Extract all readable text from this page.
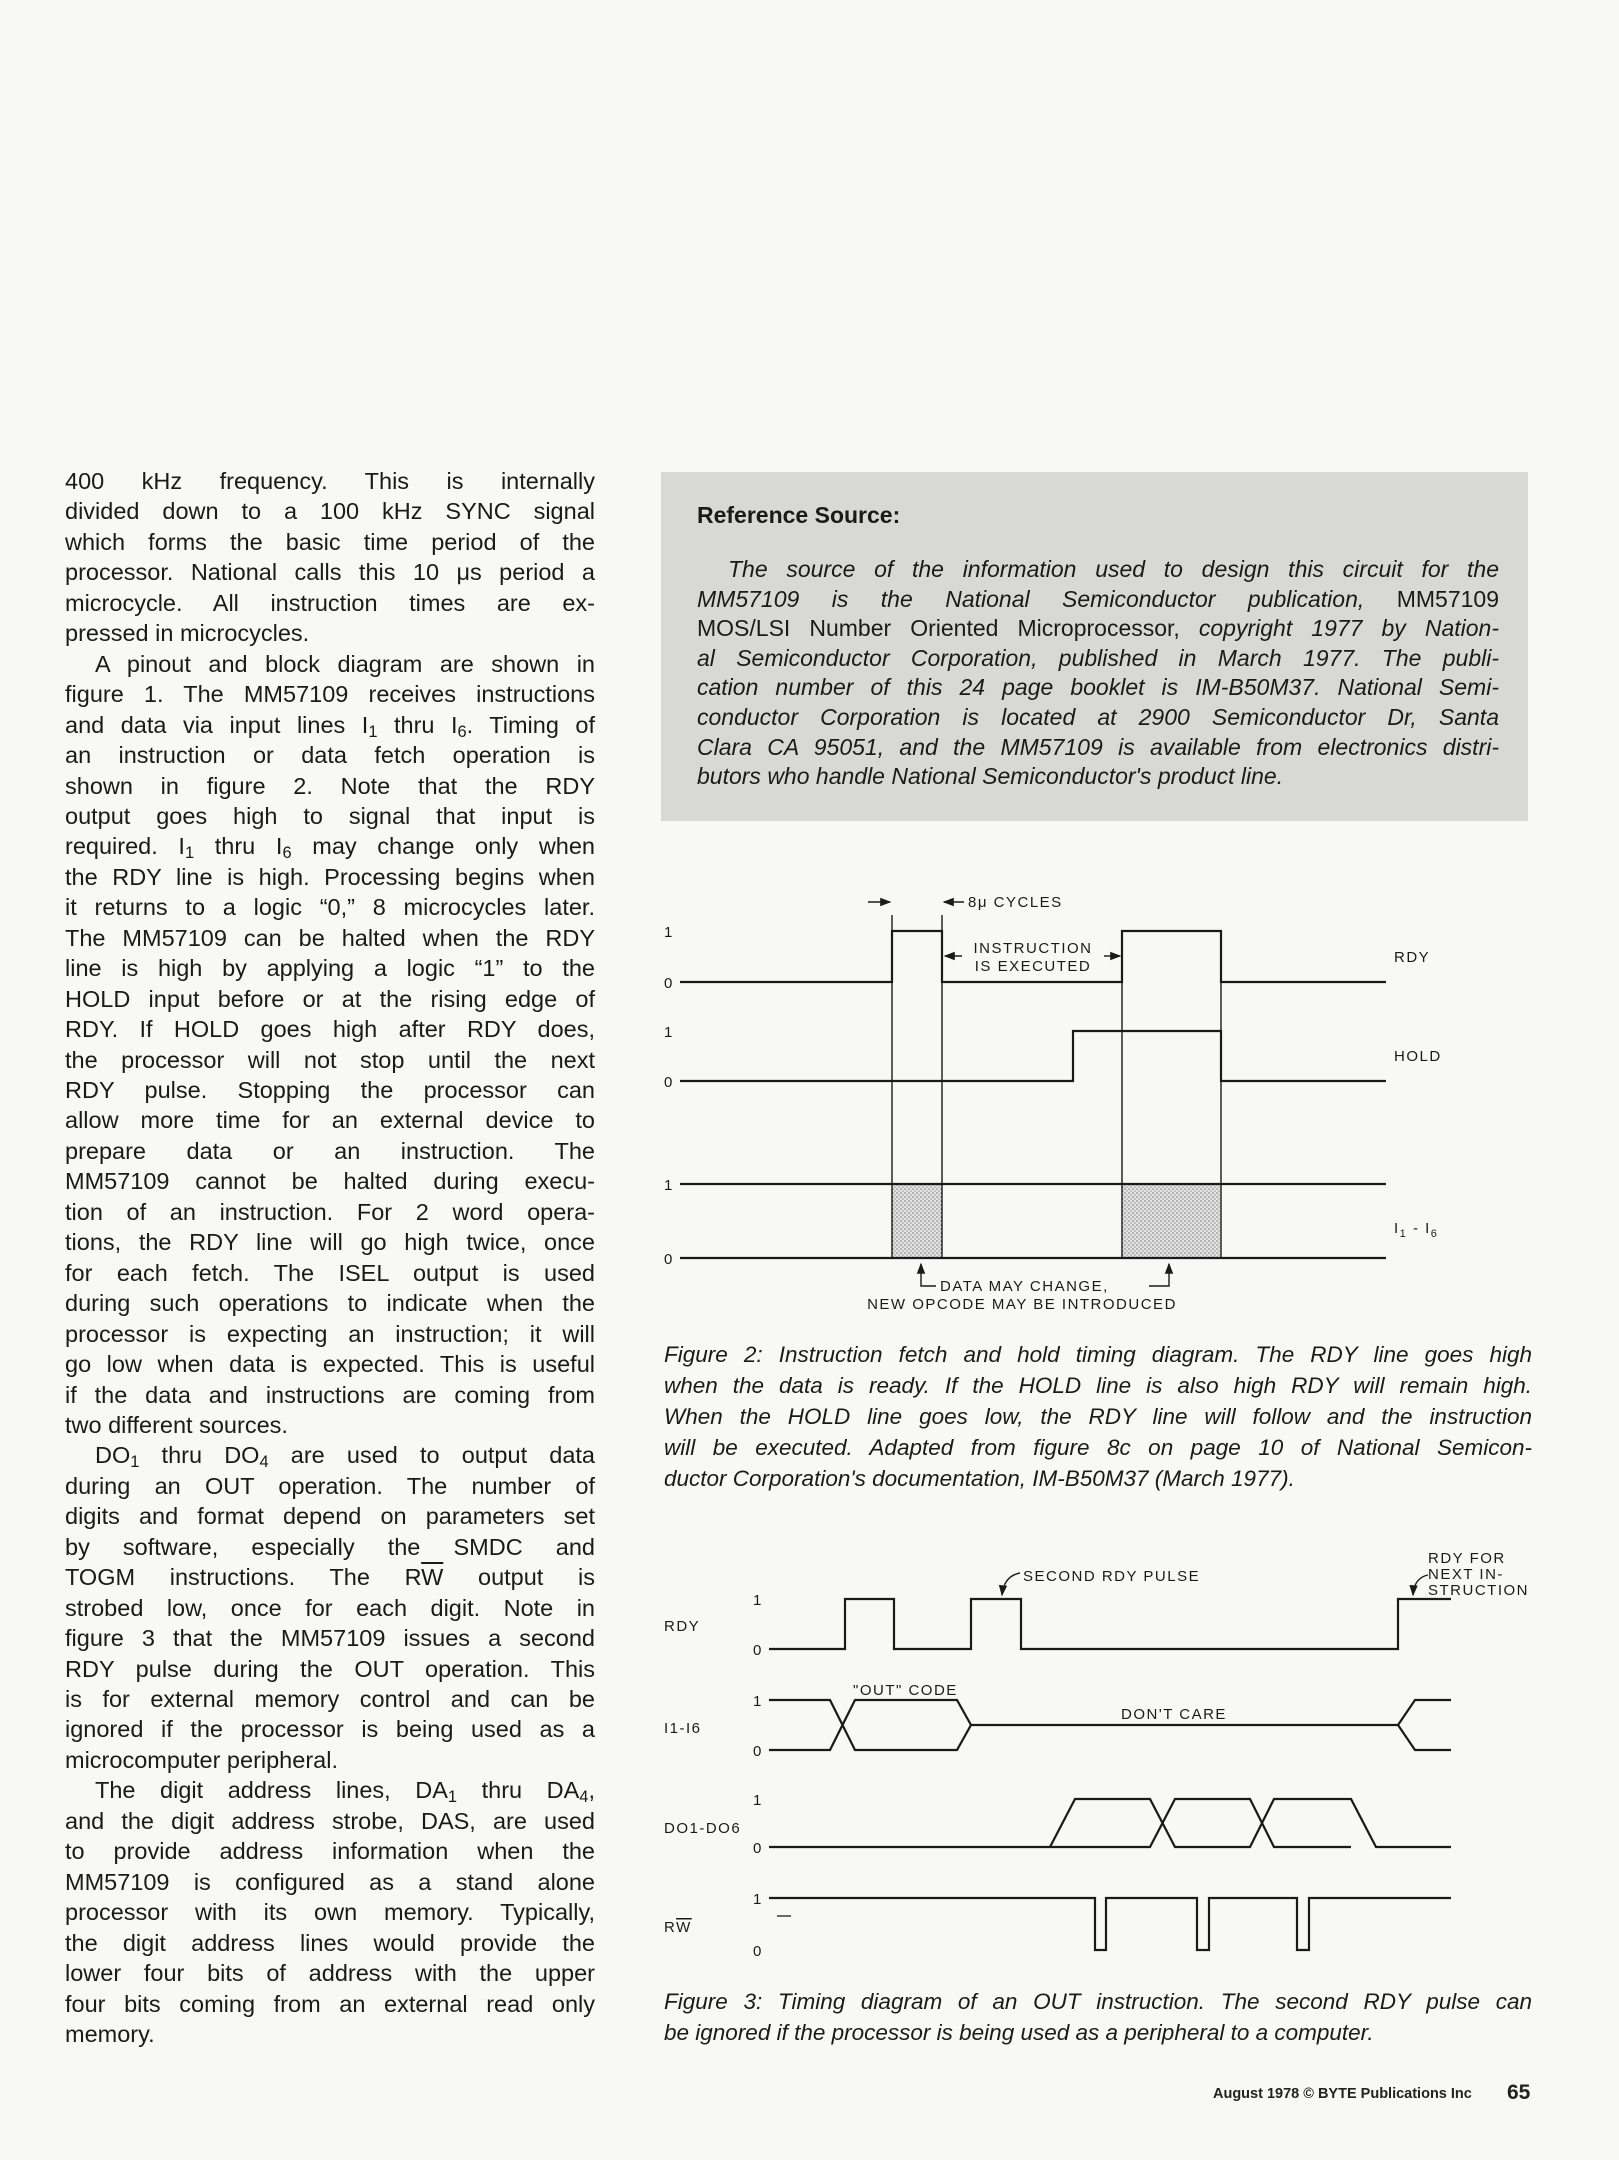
400 kHz frequency. This is internally
divided down to a 100 kHz SYNC signal
which forms the basic time period of the
processor. National calls this 10 μs period a
microcycle. All instruction times are ex-
pressed in microcycles.
A pinout and block diagram are shown in
figure 1. The MM57109 receives instructions
and data via input lines $I_1$ thru $I_6$. Timing of
an instruction or data fetch operation is
shown in figure 2. Note that the RDY
output goes high to signal that input is
required. $I_1$ thru $I_6$ may change only when
the RDY line is high. Processing begins when
it returns to a logic “0,” 8 microcycles later.
The MM57109 can be halted when the RDY
line is high by applying a logic “1” to the
HOLD input before or at the rising edge of
RDY. If HOLD goes high after RDY does,
the processor will not stop until the next
RDY pulse. Stopping the processor can
allow more time for an external device to
prepare data or an instruction. The
MM57109 cannot be halted during execu-
tion of an instruction. For 2 word opera-
tions, the RDY line will go high twice, once
for each fetch. The ISEL output is used
during such operations to indicate when the
processor is expecting an instruction; it will
go low when data is expected. This is useful
if the data and instructions are coming from
two different sources.
$DO_1$ thru $DO_4$ are used to output data
during an OUT operation. The number of
digits and format depend on parameters set
by software, especially the SMDC and
TOGM instructions. The $R\overline{W}$ output is
strobed low, once for each digit. Note in
figure 3 that the MM57109 issues a second
RDY pulse during the OUT operation. This
is for external memory control and can be
ignored if the processor is being used as a
microcomputer peripheral.
The digit address lines, $DA_1$ thru $DA_4$,
and the digit address strobe, DAS, are used
to provide address information when the
MM57109 is configured as a stand alone
processor with its own memory. Typically,
the digit address lines would provide the
lower four bits of address with the upper
four bits coming from an external read only
memory.
Reference Source:
The source of the information used to design this circuit for the
MM57109 is the National Semiconductor publication, MM57109
MOS/LSI Number Oriented Microprocessor, copyright 1977 by Nation-
al Semiconductor Corporation, published in March 1977. The publi-
cation number of this 24 page booklet is IM-B50M37. National Semi-
conductor Corporation is located at 2900 Semiconductor Dr, Santa
Clara CA 95051, and the MM57109 is available from electronics distri-
butors who handle National Semiconductor's product line.
8μ CYCLES
INSTRUCTION
IS EXECUTED
1
0
1
0
1
0
RDY
HOLD
$I_1 - I_6$
DATA MAY CHANGE,
NEW OPCODE MAY BE INTRODUCED
1
0
1
0
1
0
1
0
RDY
I1-I6
DO1-DO6
RW
SECOND RDY PULSE
RDY FOR
NEXT IN-
STRUCTION
"OUT" CODE
DON'T CARE
Figure 2: Instruction fetch and hold timing diagram. The RDY line goes high
when the data is ready. If the HOLD line is also high RDY will remain high.
When the HOLD line goes low, the RDY line will follow and the instruction
will be executed. Adapted from figure 8c on page 10 of National Semicon-
ductor Corporation's documentation, IM-B50M37 (March 1977).
Figure 3: Timing diagram of an OUT instruction. The second RDY pulse can
be ignored if the processor is being used as a peripheral to a computer.
August 1978 © BYTE Publications Inc 65
